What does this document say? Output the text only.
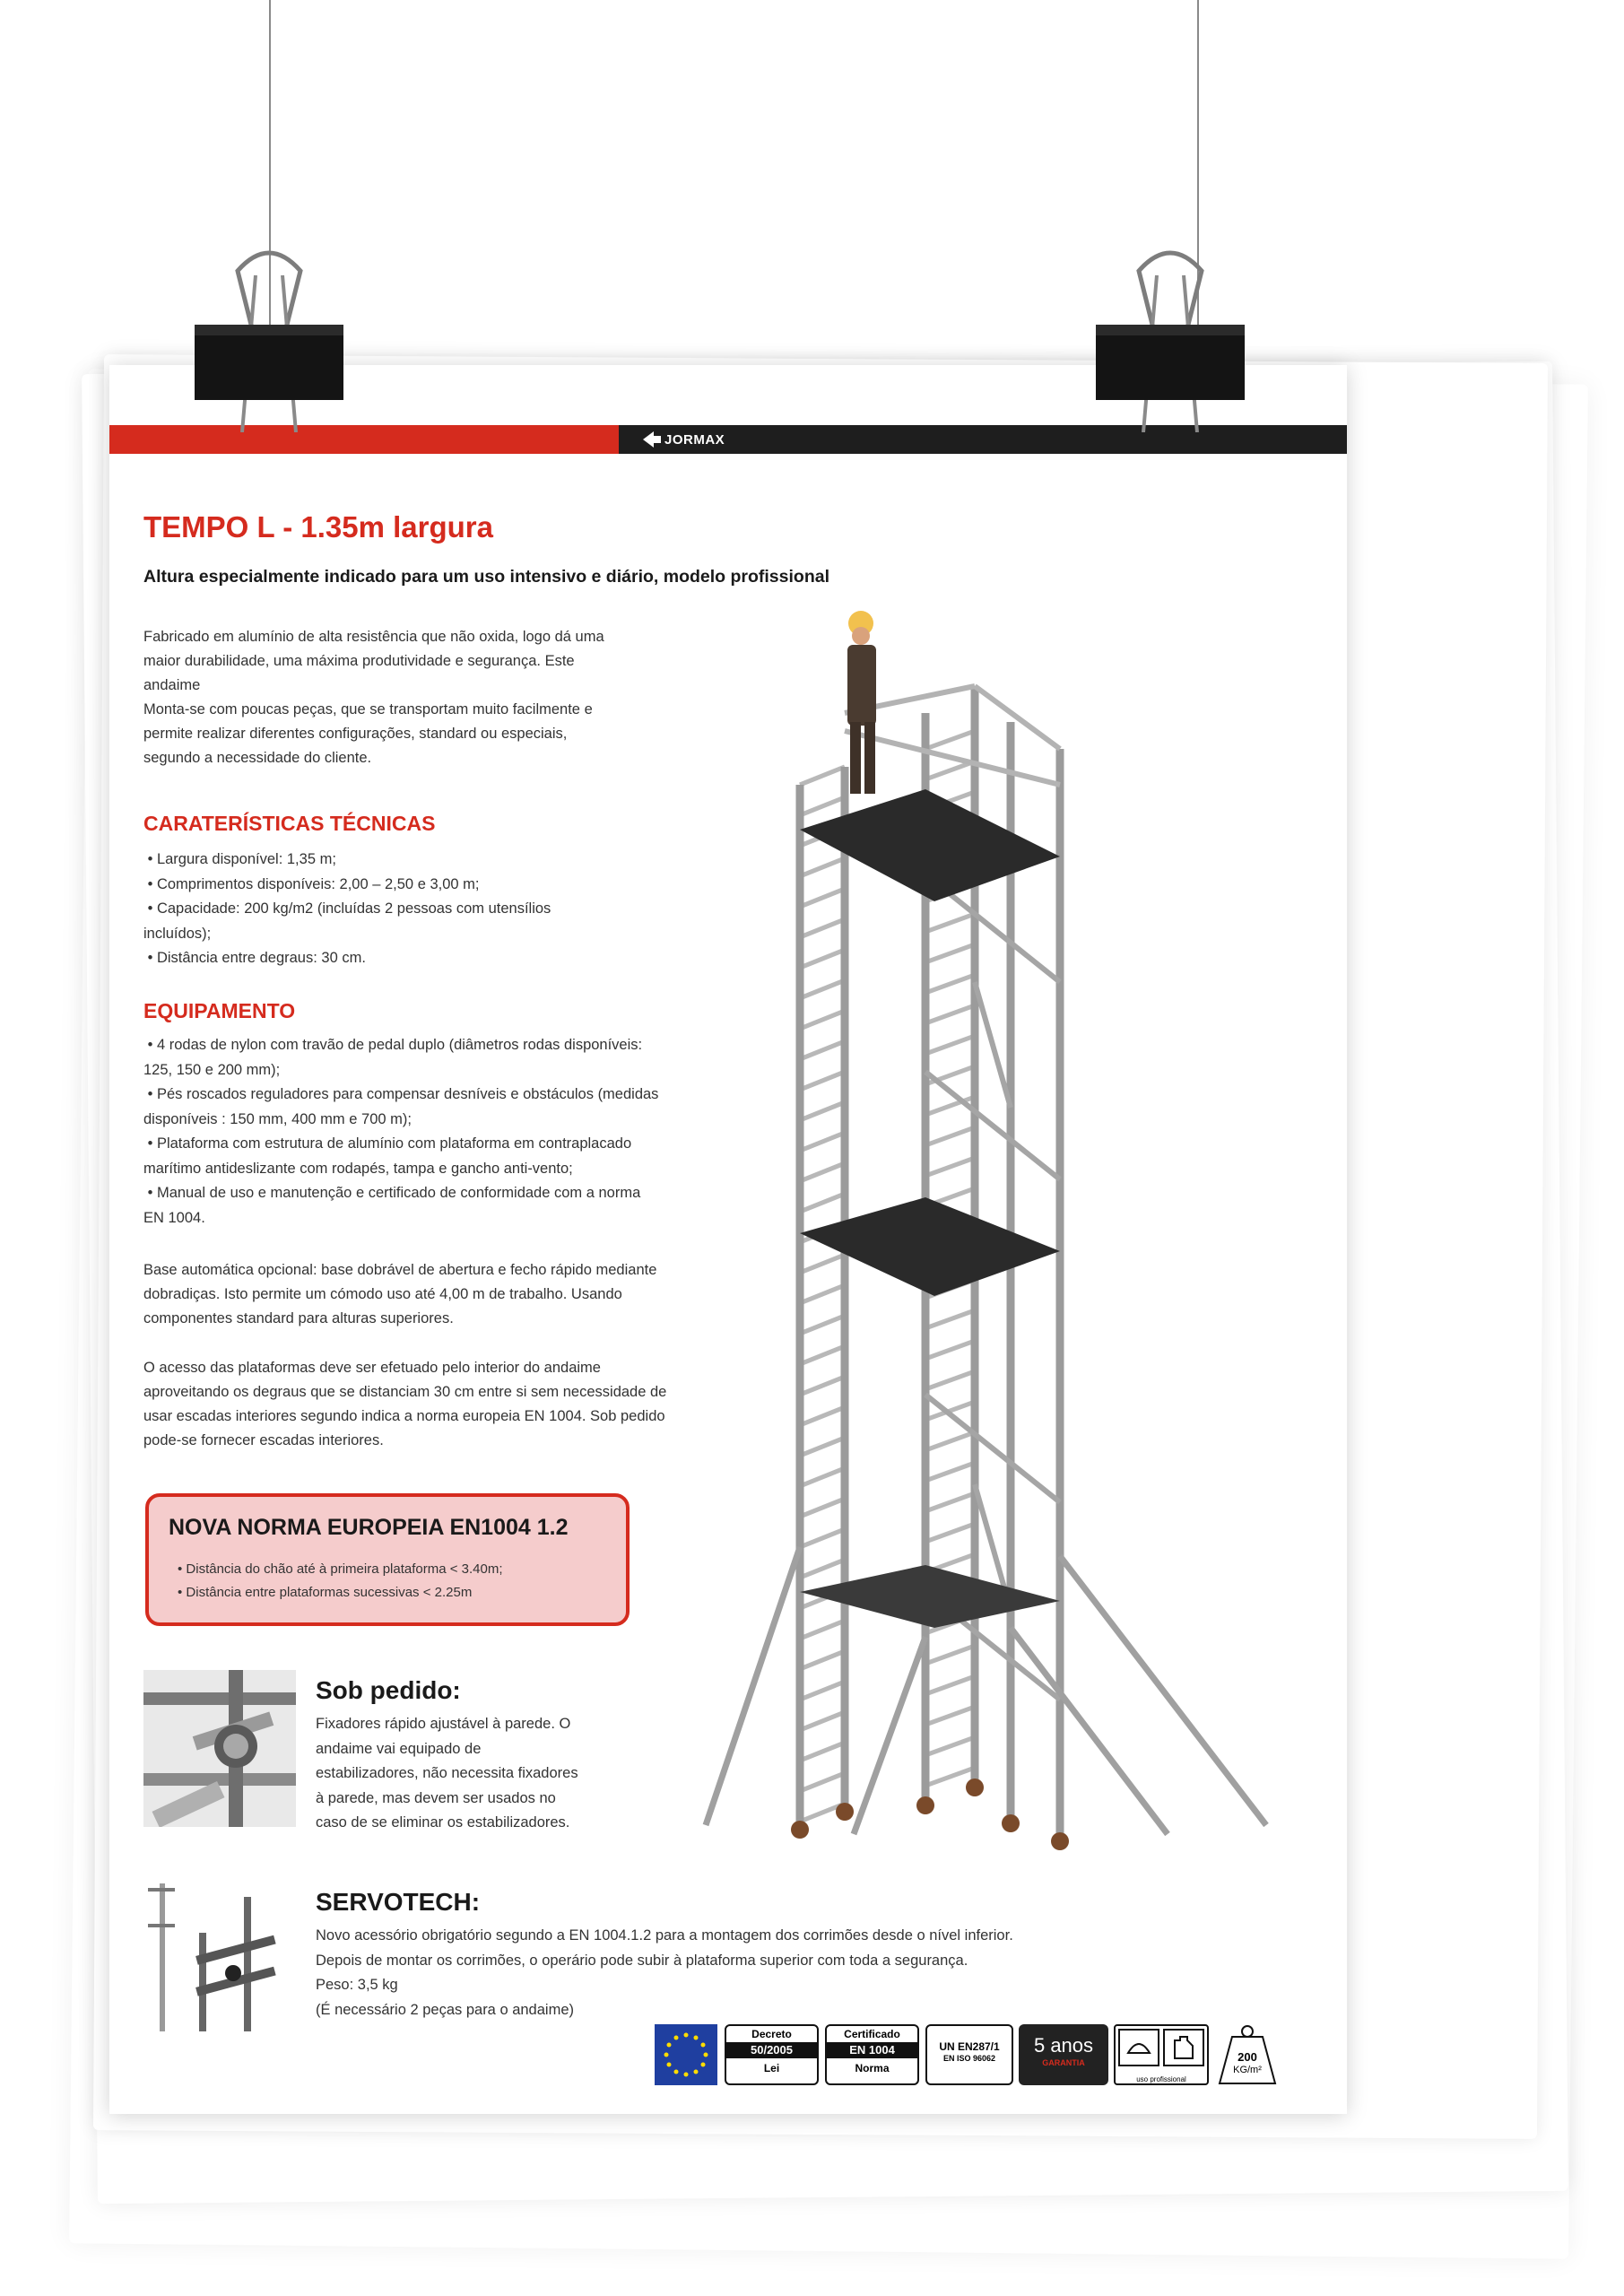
JORMAX
TEMPO L - 1.35m largura
Altura especialmente indicado para um uso intensivo e diário, modelo profissional
Fabricado em alumínio de alta resistência que não oxida, logo dá uma
maior durabilidade, uma máxima produtividade e segurança. Este
andaime
Monta-se com poucas peças, que se transportam muito facilmente e
permite realizar diferentes configurações, standard ou especiais,
segundo a necessidade do cliente.
CARATERÍSTICAS TÉCNICAS
• Largura disponível: 1,35 m;
• Comprimentos disponíveis: 2,00 – 2,50 e 3,00 m;
• Capacidade: 200 kg/m2 (incluídas 2 pessoas com utensílios
incluídos);
• Distância entre degraus: 30 cm.
EQUIPAMENTO
• 4 rodas de nylon com travão de pedal duplo (diâmetros rodas disponíveis:
125, 150 e 200 mm);
• Pés roscados reguladores para compensar desníveis e obstáculos (medidas
disponíveis : 150 mm, 400 mm e 700 m);
• Plataforma com estrutura de alumínio com plataforma em contraplacado
marítimo antideslizante com rodapés, tampa e gancho anti-vento;
• Manual de uso e manutenção e certificado de conformidade com a norma
EN 1004.
Base automática opcional: base dobrável de abertura e fecho rápido mediante
dobradiças. Isto permite um cómodo uso até 4,00 m de trabalho. Usando
componentes standard para alturas superiores.
O acesso das plataformas deve ser efetuado pelo interior do andaime
aproveitando os degraus que se distanciam 30 cm entre si sem necessidade de
usar escadas interiores segundo indica a norma europeia EN 1004. Sob pedido
pode-se fornecer escadas interiores.
NOVA NORMA EUROPEIA EN1004 1.2
• Distância do chão até à primeira plataforma < 3.40m;
• Distância entre plataformas sucessivas < 2.25m
Sob pedido:
Fixadores rápido ajustável à parede. O
andaime vai equipado de
estabilizadores, não necessita fixadores
à parede, mas devem ser usados no
caso de se eliminar os estabilizadores.
SERVOTECH:
Novo acessório obrigatório segundo a EN 1004.1.2 para a montagem dos corrimões desde o nível inferior.
Depois de montar os corrimões, o operário pode subir à plataforma superior com toda a segurança.
Peso: 3,5 kg
(É necessário 2 peças para o andaime)
Decreto
50/2005
Lei
Certificado
EN 1004
Norma
UN EN287/1
EN ISO 96062
5 anos
GARANTIA
uso profissional
200
KG/m²
